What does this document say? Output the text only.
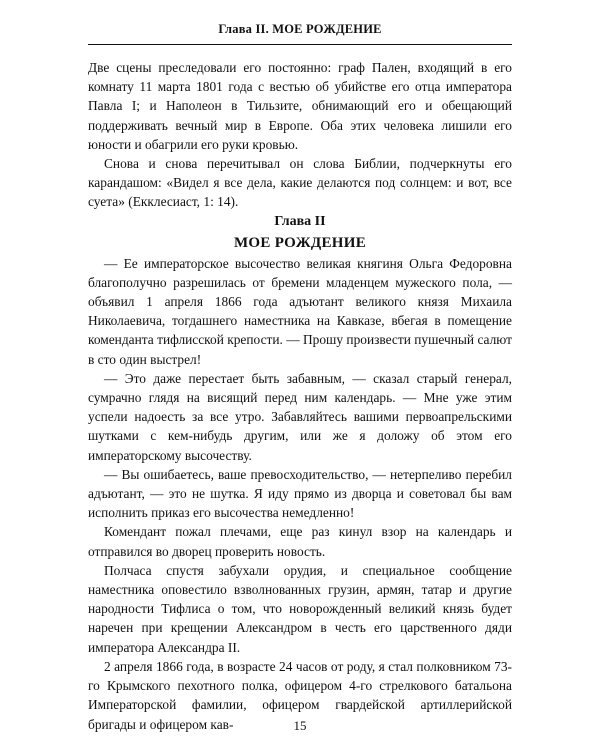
Глава II. МОЕ РОЖДЕНИЕ

Две сцены преследовали его постоянно: граф Пален, входящий в его комнату 11 марта 1801 года с вестью об убийстве его отца императора Павла I; и Наполеон в Тильзите, обнимающий его и обещающий поддерживать вечный мир в Европе. Оба этих человека лишили его юности и обагрили его руки кровью.

Снова и снова перечитывал он слова Библии, подчеркнуты его карандашом: «Видел я все дела, какие делаются под солнцем: и вот, все суета» (Екклесиаст, 1: 14).

Глава II

МОЕ РОЖДЕНИЕ

— Ее императорское высочество великая княгиня Ольга Федоровна благополучно разрешилась от бремени младенцем мужеского пола, — объявил 1 апреля 1866 года адъютант великого князя Михаила Николаевича, тогдашнего наместника на Кавказе, вбегая в помещение коменданта тифлисской крепости. — Прошу произвести пушечный салют в сто один выстрел!

— Это даже перестает быть забавным, — сказал старый генерал, сумрачно глядя на висящий перед ним календарь. — Мне уже этим успели надоесть за все утро. Забавляйтесь вашими первоапрельскими шутками с кем-нибудь другим, или же я доложу об этом его императорскому высочеству.

— Вы ошибаетесь, ваше превосходительство, — нетерпеливо перебил адъютант, — это не шутка. Я иду прямо из дворца и советовал бы вам исполнить приказ его высочества немедленно!

Комендант пожал плечами, еще раз кинул взор на календарь и отправился во дворец проверить новость.

Полчаса спустя забухали орудия, и специальное сообщение наместника оповестило взволнованных грузин, армян, татар и другие народности Тифлиса о том, что новорожденный великий князь будет наречен при крещении Александром в честь его царственного дяди императора Александра II.

2 апреля 1866 года, в возрасте 24 часов от роду, я стал полковником 73-го Крымского пехотного полка, офицером 4-го стрелкового батальона Императорской фамилии, офицером гвардейской артиллерийской бригады и офицером кав-	15
